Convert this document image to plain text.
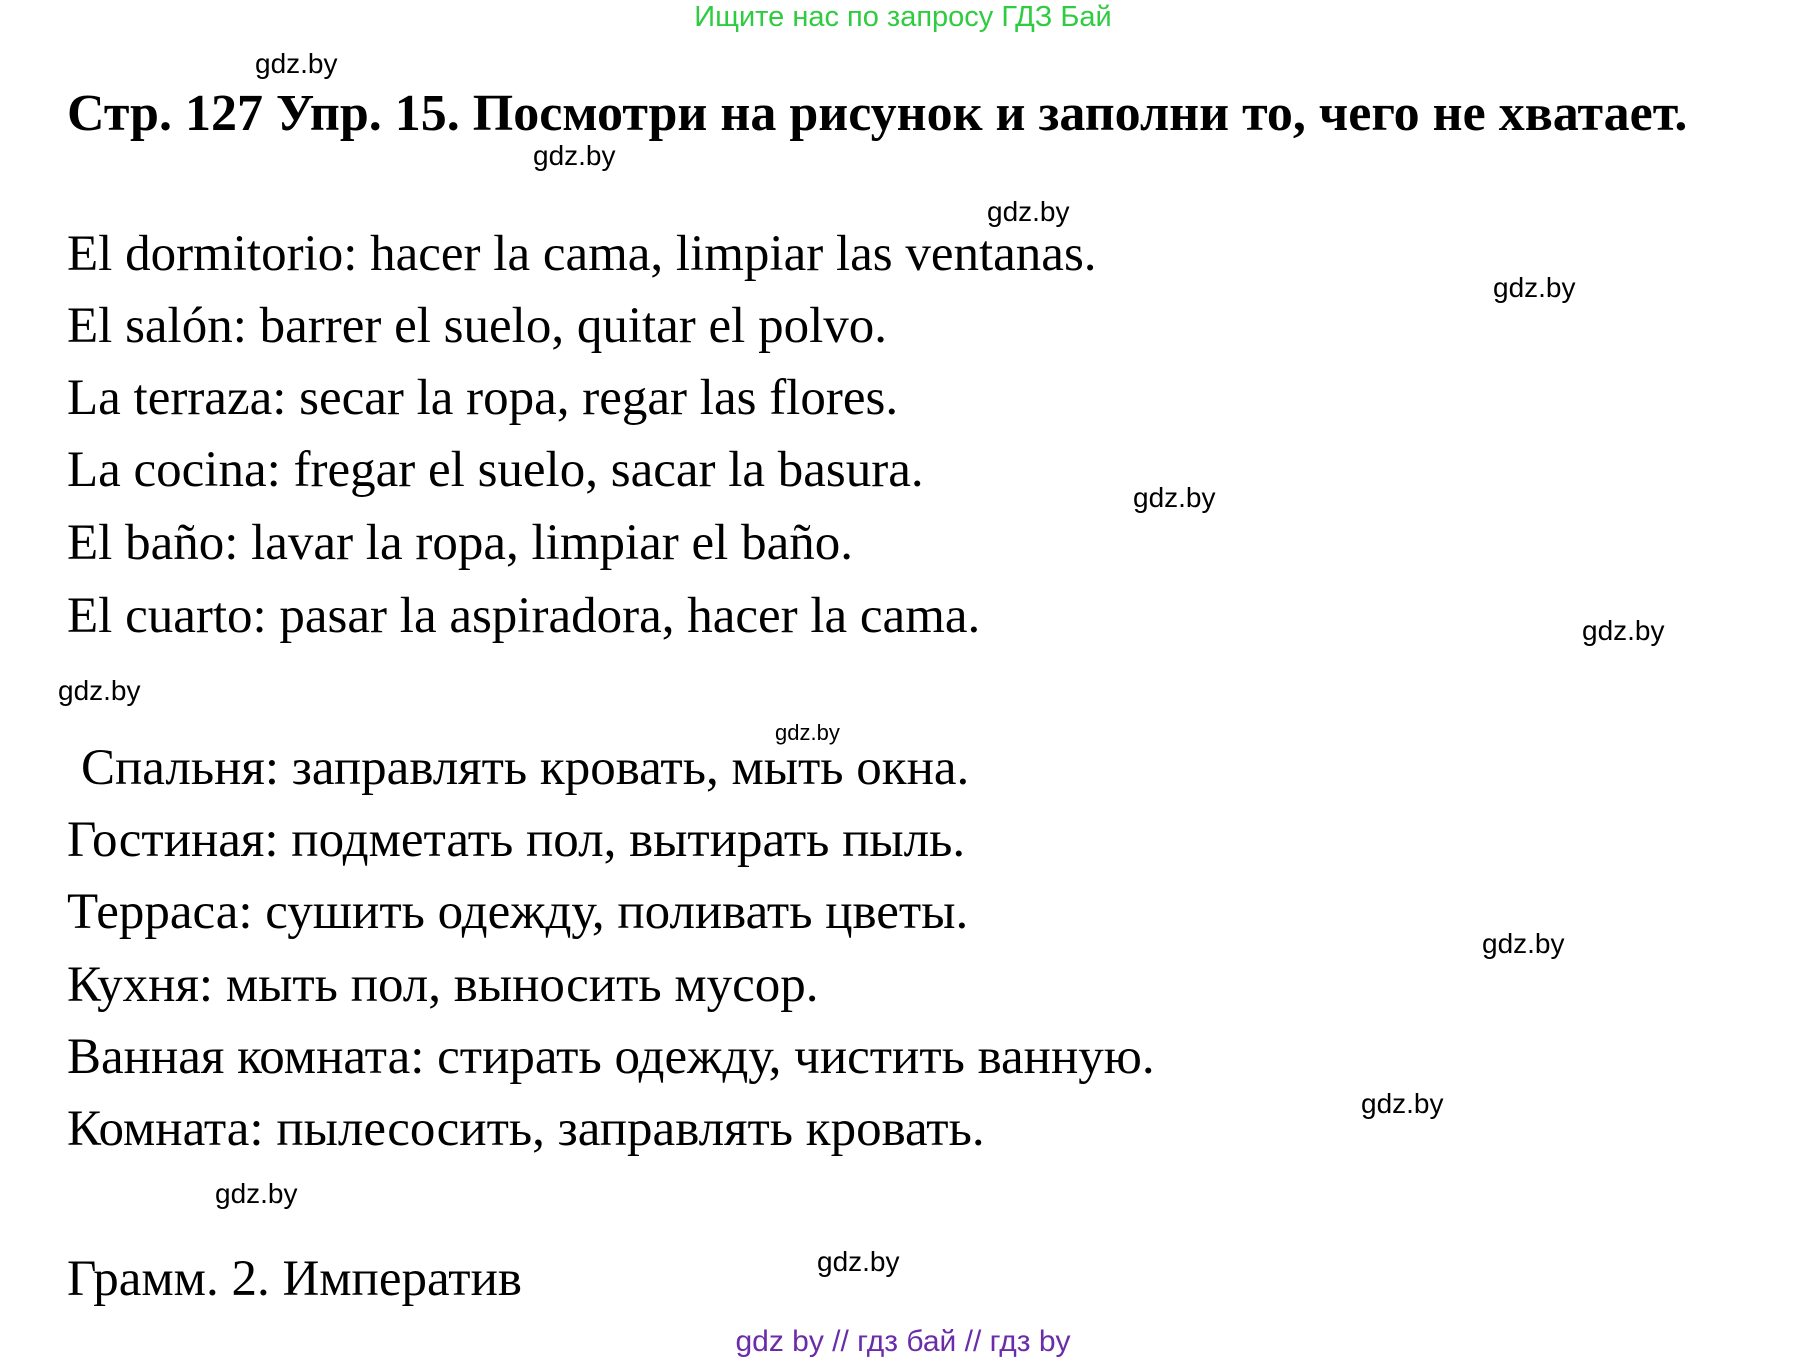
Ищите нас по запросу ГДЗ Бай
Стр. 127 Упр. 15. Посмотри на рисунок и заполни то, чего не хватает.

El dormitorio: hacer la cama, limpiar las ventanas.

El salón: barrer el suelo, quitar el polvo.

La terraza: secar la ropa, regar las flores.

La cocina: fregar el suelo, sacar la basura.

El baño: lavar la ropa, limpiar el baño.

El cuarto: pasar la aspiradora, hacer la cama.

Спальня: заправлять кровать, мыть окна.

Гостиная: подметать пол, вытирать пыль.

Терраса: сушить одежду, поливать цветы.

Кухня: мыть пол, выносить мусор.

Ванная комната: стирать одежду, чистить ванную.

Комната: пылесосить, заправлять кровать.

Грамм. 2. Императив

gdz.by
gdz.by
gdz.by
gdz.by
gdz.by
gdz.by
gdz.by
gdz.by
gdz.by
gdz.by
gdz.by
gdz.by
gdz by // гдз бай // гдз by
